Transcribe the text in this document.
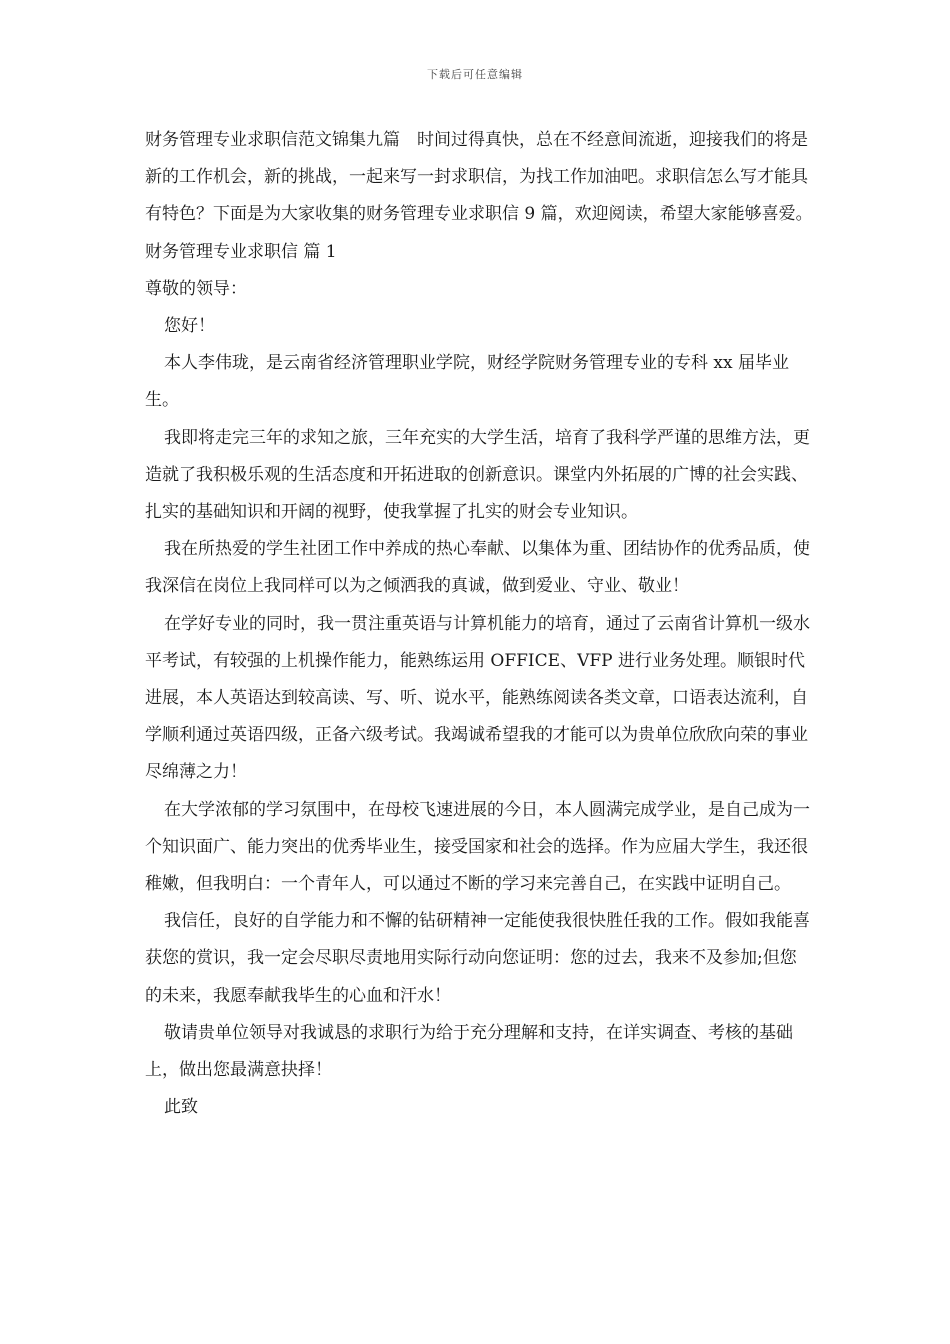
下载后可任意编辑

财务管理专业求职信范文锦集九篇　时间过得真快，总在不经意间流逝，迎接我们的将是新的工作机会，新的挑战，一起来写一封求职信，为找工作加油吧。求职信怎么写才能具有特色？下面是为大家收集的财务管理专业求职信 9 篇，欢迎阅读，希望大家能够喜爱。财务管理专业求职信 篇 1

尊敬的领导：

您好！

本人李伟珑，是云南省经济管理职业学院，财经学院财务管理专业的专科 xx 届毕业生。

我即将走完三年的求知之旅，三年充实的大学生活，培育了我科学严谨的思维方法，更造就了我积极乐观的生活态度和开拓进取的创新意识。课堂内外拓展的广博的社会实践、扎实的基础知识和开阔的视野，使我掌握了扎实的财会专业知识。

我在所热爱的学生社团工作中养成的热心奉献、以集体为重、团结协作的优秀品质，使我深信在岗位上我同样可以为之倾洒我的真诚，做到爱业、守业、敬业！

在学好专业的同时，我一贯注重英语与计算机能力的培育，通过了云南省计算机一级水平考试，有较强的上机操作能力，能熟练运用 OFFICE、VFP 进行业务处理。顺银时代进展，本人英语达到较高读、写、听、说水平，能熟练阅读各类文章，口语表达流利，自学顺利通过英语四级，正备六级考试。我竭诚希望我的才能可以为贵单位欣欣向荣的事业尽绵薄之力！

在大学浓郁的学习氛围中，在母校飞速进展的今日，本人圆满完成学业，是自己成为一个知识面广、能力突出的优秀毕业生，接受国家和社会的选择。作为应届大学生，我还很稚嫩，但我明白：一个青年人，可以通过不断的学习来完善自己，在实践中证明自己。

我信任，良好的自学能力和不懈的钻研精神一定能使我很快胜任我的工作。假如我能喜获您的赏识，我一定会尽职尽责地用实际行动向您证明：您的过去，我来不及参加;但您的未来，我愿奉献我毕生的心血和汗水！

敬请贵单位领导对我诚恳的求职行为给于充分理解和支持，在详实调查、考核的基础上，做出您最满意抉择！

此致
